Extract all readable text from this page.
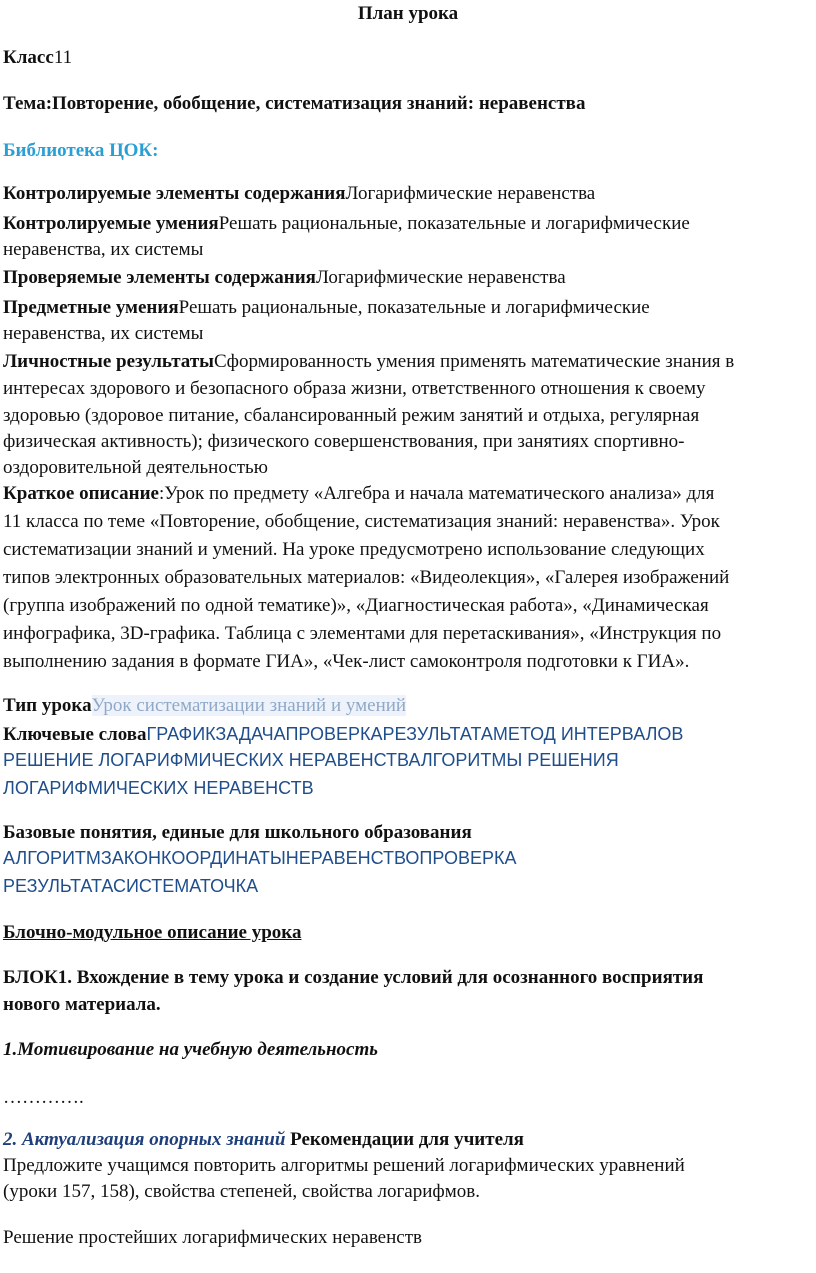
План урока
Класс11
Тема:Повторение, обобщение, систематизация знаний: неравенства
Библиотека ЦОК:
Контролируемые элементы содержанияЛогарифмические неравенства
Контролируемые уменияРешать рациональные, показательные и логарифмические
неравенства, их системы
Проверяемые элементы содержанияЛогарифмические неравенства
Предметные уменияРешать рациональные, показательные и логарифмические
неравенства, их системы
Личностные результатыСформированность умения применять математические знания в
интересах здорового и безопасного образа жизни, ответственного отношения к своему
здоровью (здоровое питание, сбалансированный режим занятий и отдыха, регулярная
физическая активность); физического совершенствования, при занятиях спортивно-
оздоровительной деятельностью
Краткое описание:Урок по предмету «Алгебра и начала математического анализа» для
11 класса по теме «Повторение, обобщение, систематизация знаний: неравенства». Урок
систематизации знаний и умений. На уроке предусмотрено использование следующих
типов электронных образовательных материалов: «Видеолекция», «Галерея изображений
(группа изображений по одной тематике)», «Диагностическая работа», «Динамическая
инфографика, 3D-графика. Таблица с элементами для перетаскивания», «Инструкция по
выполнению задания в формате ГИА», «Чек-лист самоконтроля подготовки к ГИА».
Тип урокаУрок систематизации знаний и умений
Ключевые словаГРАФИКЗАДАЧАПРОВЕРКАРЕЗУЛЬТАТАМЕТОД ИНТЕРВАЛОВ
РЕШЕНИЕ ЛОГАРИФМИЧЕСКИХ НЕРАВЕНСТВАЛГОРИТМЫ РЕШЕНИЯ
ЛОГАРИФМИЧЕСКИХ НЕРАВЕНСТВ
Базовые понятия, единые для школьного образования
АЛГОРИТМЗАКОНКООРДИНАТЫНЕРАВЕНСТВОПРОВЕРКА
РЕЗУЛЬТАТАСИСТЕМАТОЧКА
Блочно-модульное описание урока
БЛОК1. Вхождение в тему урока и создание условий для осознанного восприятия
нового материала.
1.Мотивирование на учебную деятельность
………….
2. Актуализация опорных знаний Рекомендации для учителя
Предложите учащимся повторить алгоритмы решений логарифмических уравнений
(уроки 157, 158), свойства степеней, свойства логарифмов.
Решение простейших логарифмических неравенств
